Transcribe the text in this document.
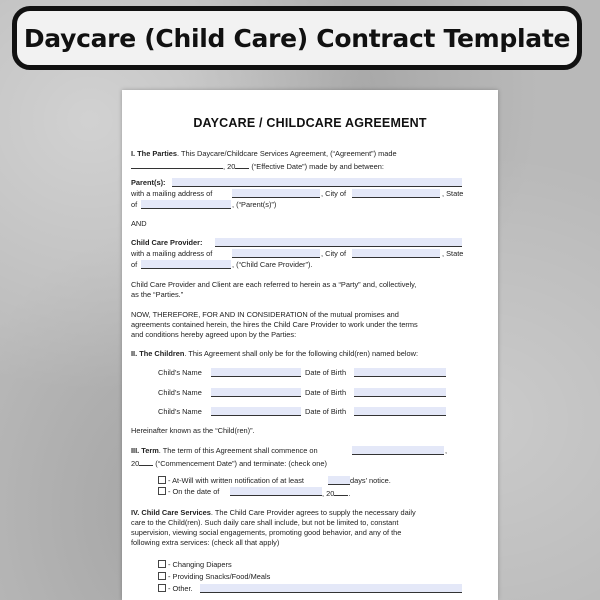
Daycare (Child Care) Contract Template
DAYCARE / CHILDCARE AGREEMENT
I. The Parties. This Daycare/Childcare Services Agreement, (“Agreement”) made
, 20 (“Effective Date”) made by and between:
Parent(s):
with a mailing address of	, City of	, State
of	, (“Parent(s)”)
AND
Child Care Provider:
with a mailing address of	, City of	, State
of	, (“Child Care Provider”).
Child Care Provider and Client are each referred to herein as a “Party” and, collectively,
as the “Parties.”
NOW, THEREFORE, FOR AND IN CONSIDERATION of the mutual promises and
agreements contained herein, the hires the Child Care Provider to work under the terms
and conditions hereby agreed upon by the Parties:
II. The Children. This Agreement shall only be for the following child(ren) named below:
Child’s Name	Date of Birth
Child’s Name	Date of Birth
Child’s Name	Date of Birth
Hereinafter known as the “Child(ren)”.
III. Term. The term of this Agreement shall commence on	,
20 (“Commencement Date”) and terminate: (check one)
- At-Will with written notification of at least	days’ notice.
- On the date of	, 20 .
IV. Child Care Services. The Child Care Provider agrees to supply the necessary daily
care to the Child(ren). Such daily care shall include, but not be limited to, constant
supervision, viewing social engagements, promoting good behavior, and any of the
following extra services: (check all that apply)
- Changing Diapers
- Providing Snacks/Food/Meals
- Other.
